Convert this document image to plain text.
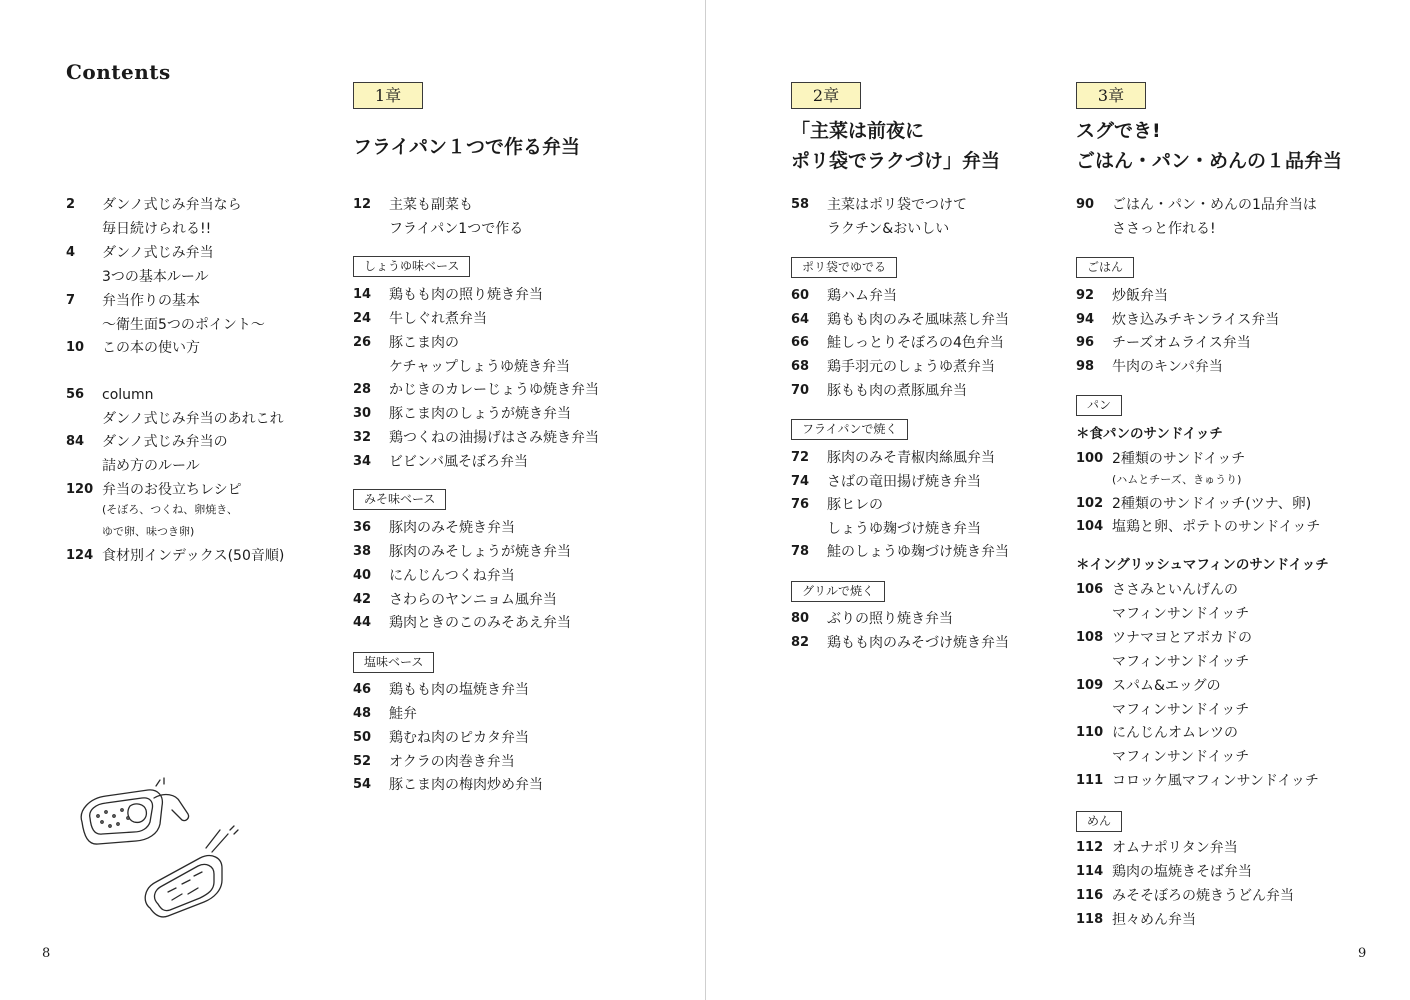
Contents
2 ダンノ式じみ弁当なら
毎日続けられる!!
4 ダンノ式じみ弁当
3つの基本ルール
7 弁当作りの基本
～衛生面5つのポイント～
10 この本の使い方
56 column
ダンノ式じみ弁当のあれこれ
84 ダンノ式じみ弁当の
詰め方のルール
120 弁当のお役立ちレシピ
(そぼろ、つくね、卵焼き、
ゆで卵、味つき卵)
124 食材別インデックス(50音順)
1章
フライパン１つで作る弁当
12 主菜も副菜も
フライパン1つで作る
しょうゆ味ベース
14 鶏もも肉の照り焼き弁当
24 牛しぐれ煮弁当
26 豚こま肉の
ケチャップしょうゆ焼き弁当
28 かじきのカレーじょうゆ焼き弁当
30 豚こま肉のしょうが焼き弁当
32 鶏つくねの油揚げはさみ焼き弁当
34 ビビンバ風そぼろ弁当
みそ味ベース
36 豚肉のみそ焼き弁当
38 豚肉のみそしょうが焼き弁当
40 にんじんつくね弁当
42 さわらのヤンニョム風弁当
44 鶏肉ときのこのみそあえ弁当
塩味ベース
46 鶏もも肉の塩焼き弁当
48 鮭弁
50 鶏むね肉のピカタ弁当
52 オクラの肉巻き弁当
54 豚こま肉の梅肉炒め弁当
8
2章
「主菜は前夜に
ポリ袋でラクづけ」弁当
58 主菜はポリ袋でつけて
ラクチン&おいしい
ポリ袋でゆでる
60 鶏ハム弁当
64 鶏もも肉のみそ風味蒸し弁当
66 鮭しっとりそぼろの4色弁当
68 鶏手羽元のしょうゆ煮弁当
70 豚もも肉の煮豚風弁当
フライパンで焼く
72 豚肉のみそ青椒肉絲風弁当
74 さばの竜田揚げ焼き弁当
76 豚ヒレの
しょうゆ麹づけ焼き弁当
78 鮭のしょうゆ麹づけ焼き弁当
グリルで焼く
80 ぶりの照り焼き弁当
82 鶏もも肉のみそづけ焼き弁当
3章
スグでき!
ごはん・パン・めんの１品弁当
90 ごはん・パン・めんの1品弁当は
ささっと作れる!
ごはん
92 炒飯弁当
94 炊き込みチキンライス弁当
96 チーズオムライス弁当
98 牛肉のキンパ弁当
パン
＊食パンのサンドイッチ
100 2種類のサンドイッチ
(ハムとチーズ、きゅうり)
102 2種類のサンドイッチ(ツナ、卵)
104 塩鶏と卵、ポテトのサンドイッチ
＊イングリッシュマフィンのサンドイッチ
106 ささみといんげんの
マフィンサンドイッチ
108 ツナマヨとアボカドの
マフィンサンドイッチ
109 スパム&エッグの
マフィンサンドイッチ
110 にんじんオムレツの
マフィンサンドイッチ
111 コロッケ風マフィンサンドイッチ
めん
112 オムナポリタン弁当
114 鶏肉の塩焼きそば弁当
116 みそそぼろの焼きうどん弁当
118 担々めん弁当
9
